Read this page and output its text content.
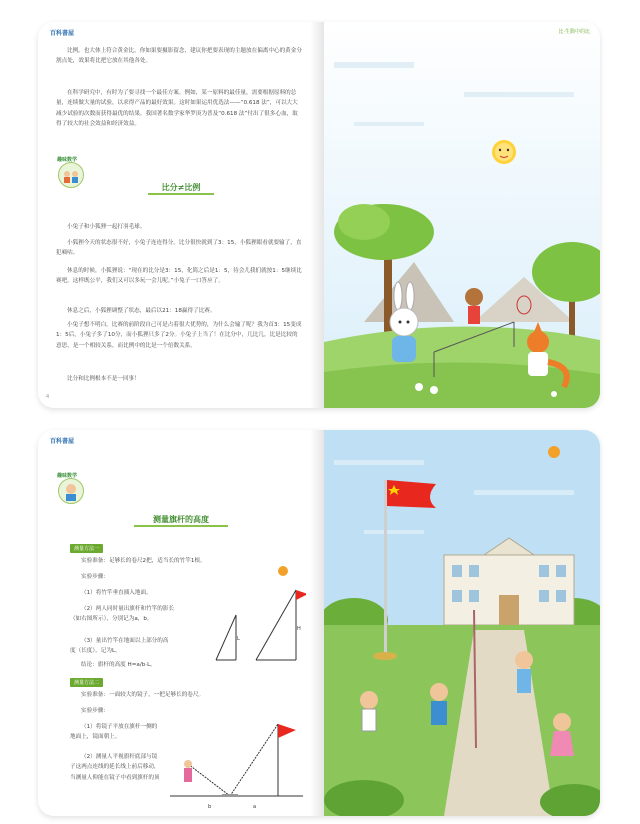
百科書屋

比例。也大体上符合黄金比。你如果要摄影留念，建议你把要表现的主题放在偏离中心的黄金分割点处，效果将比把它放在其他各处。

在科学研究中，有时为了要寻找一个最佳方案。例如，某一原料的最佳量，需要根据原料的总量，连续做大量的试验，以求得产品的最好效果。这时如果运用优选法——“0.618 法”，可以大大减少试验的次数而获得最优的结果。我国著名数学家华罗庚为普及“0.618 法”付出了很多心血，取得了较大的社会效益和经济效益。

趣味数学
比分≠比例

小兔子和小狐狸一起打羽毛球。

小狐狸今天的状态很不好，小兔子连连得分。比分很快就到了3：15，小狐狸眼看就要输了，直犯嘀咕。

休息的时候，小狐狸说：“现在的比分是3：15，化简之后是1：5，待会儿我们就按1：5继续比赛吧。这样既公平，我们又可以多玩一会儿呢。”小兔子一口答应了。

休息之后，小狐狸调整了状态，最后以21：18赢得了比赛。

小兔子想不明白，比赛的前阶段自己可是占着很大优势的，为什么会输了呢？我为首3：15变成1：5后，小兔子多了10分，而小狐狸只多了2分。小兔子上当了！在比分中，几比几，比是比较的意思，是一个相较关系，而比例中的比是一个倍数关系。

比分和比例根本不是一回事！

4
比·生動中的比
百科書屋
趣味数学
测量旗杆的高度
测量方法一

实验准备：足够长的卷尺2把，适当长的竹竿1根。

实验步骤：

（1）将竹竿垂直插入地面。

（2）两人同时量出旗杆和竹竿的影长（如右图所示），分别记为a，b。

（3）量出竹竿在地面以上部分的高度（长度），记为L。

结论：旗杆的高度 H=a/b·L。

L
H
测量方法二

实验准备：一面较大的镜子，一把足够长的卷尺。

实验步骤：

（1）将镜子平放在旗杆一侧的地面上，镜面朝上。

（2）测量人平视旗杆底部与镜子这两点连线的延长线上前后移动，当测量人仰能在镜子中看到旗杆的顶

b	a
